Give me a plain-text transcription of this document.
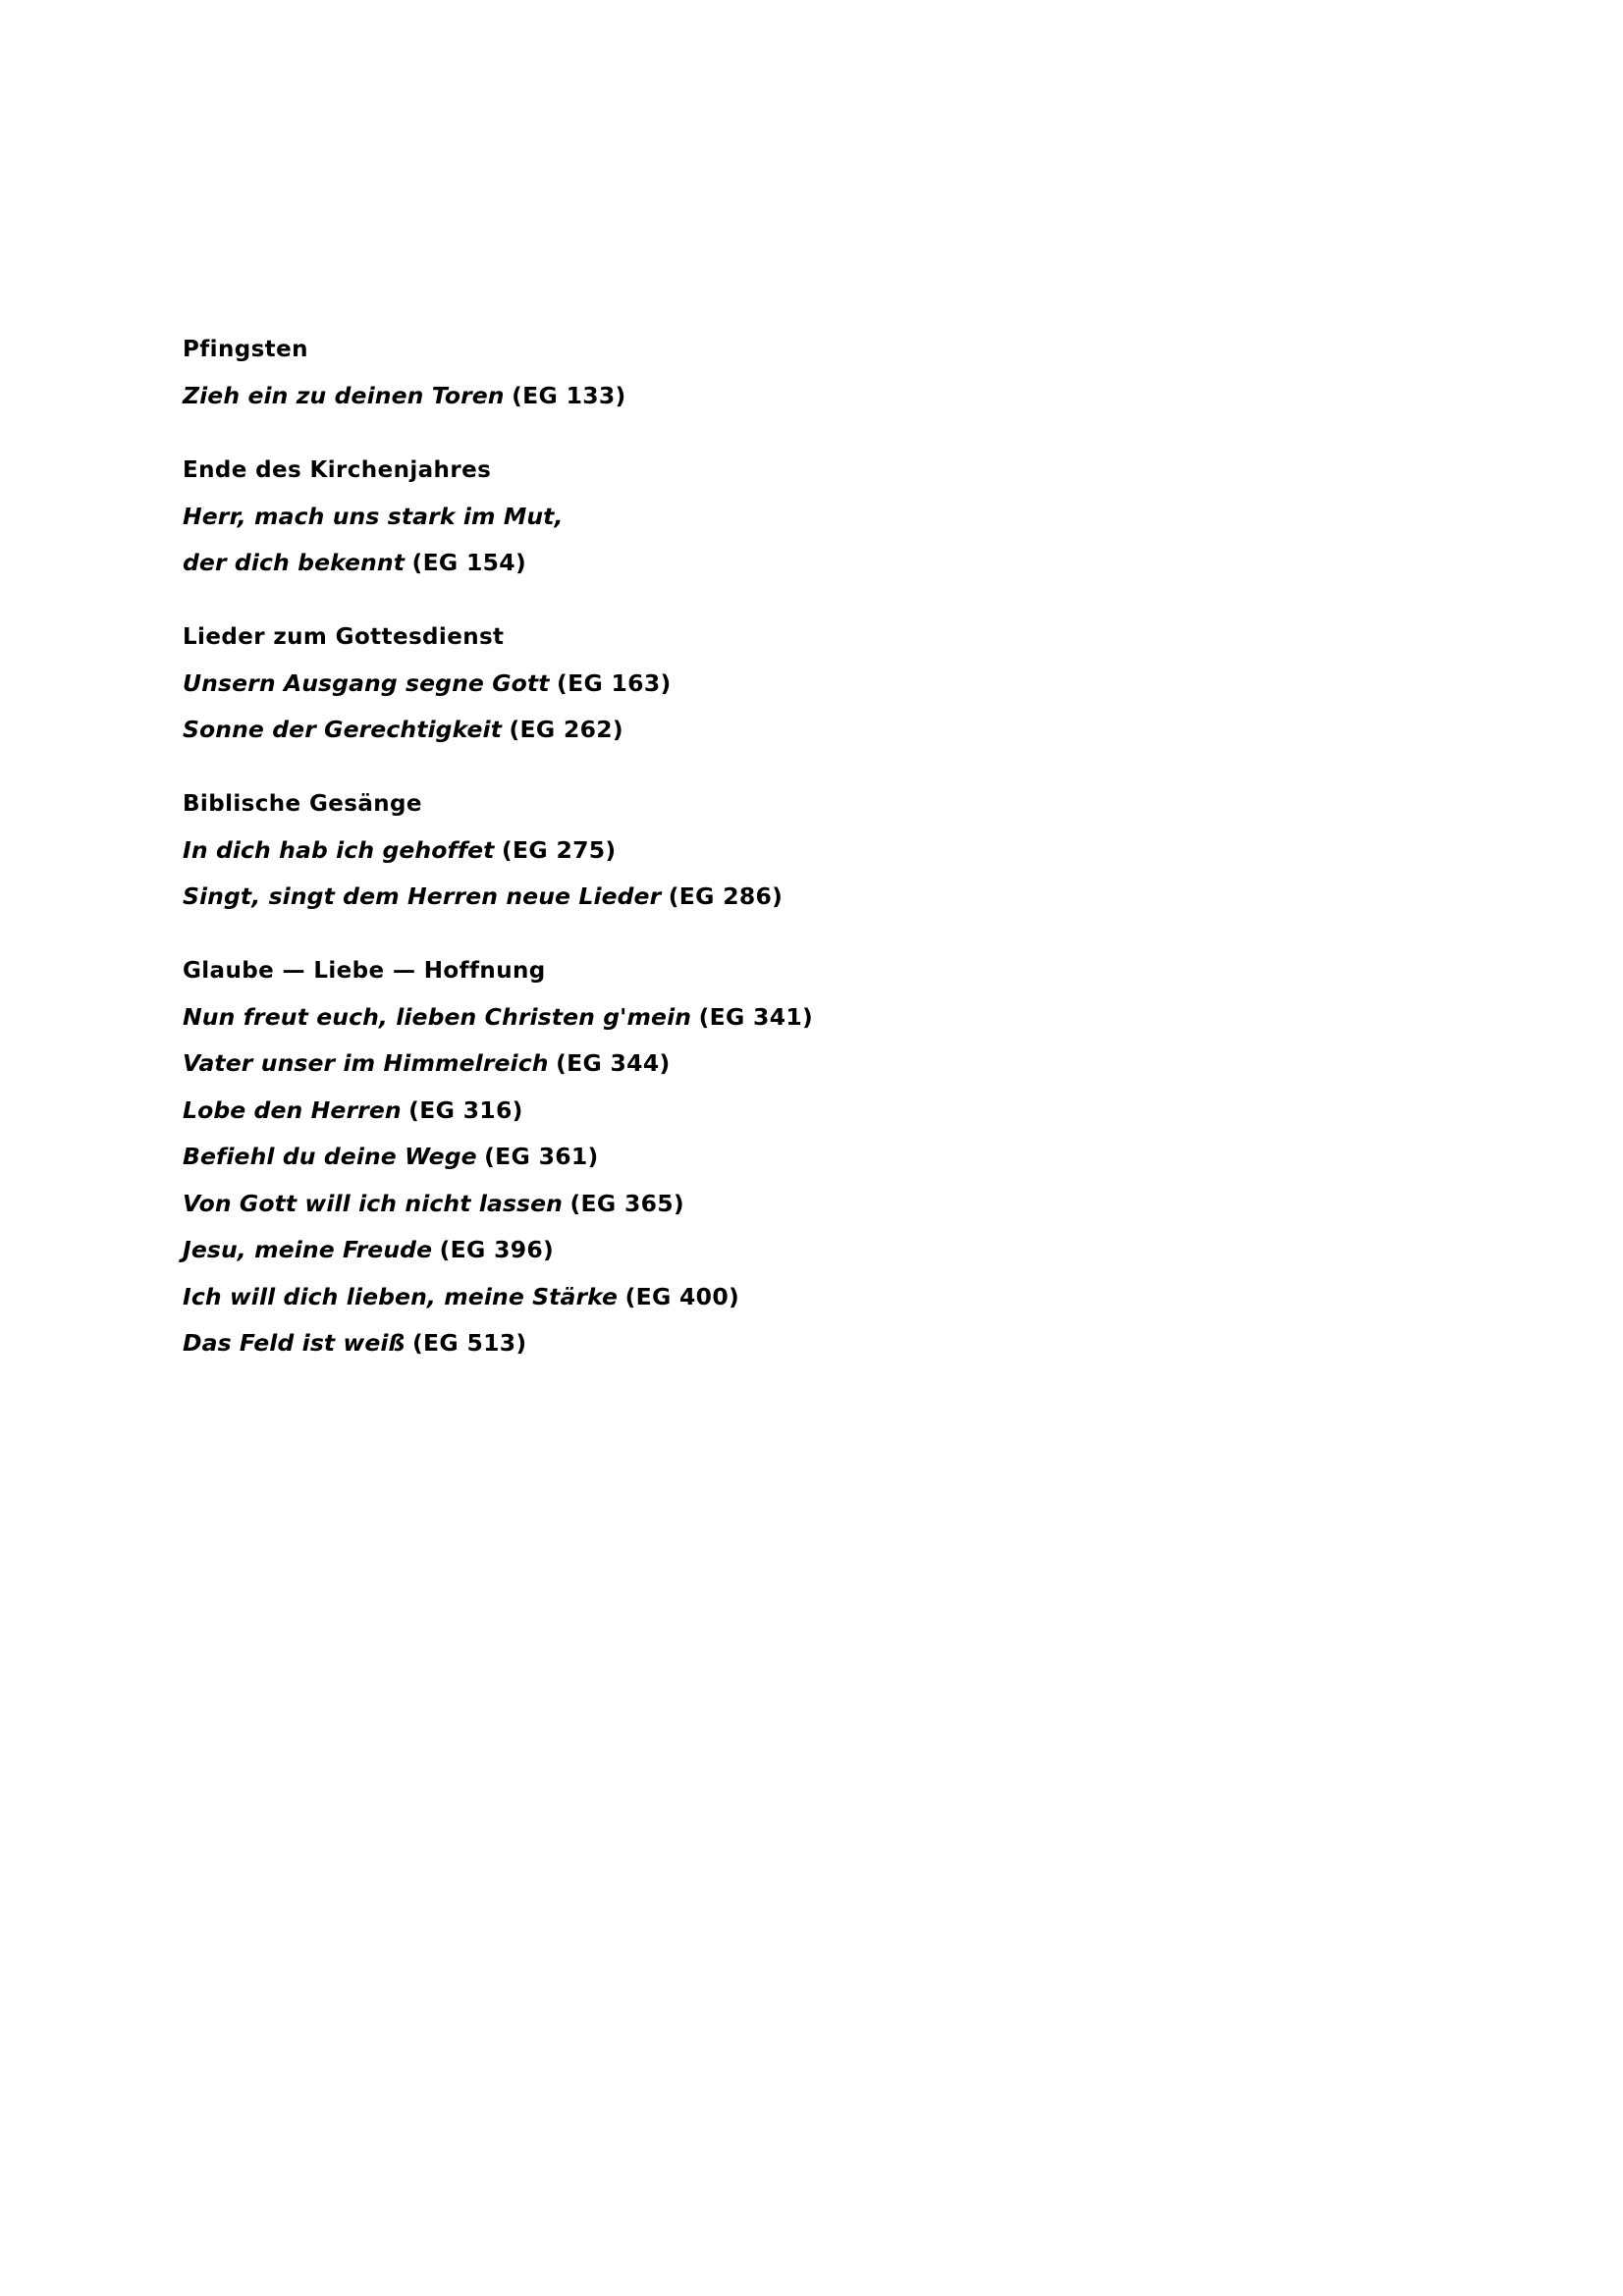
Pfingsten
Zieh ein zu deinen Toren (EG 133)
Ende des Kirchenjahres
Herr, mach uns stark im Mut,
der dich bekennt (EG 154)
Lieder zum Gottesdienst
Unsern Ausgang segne Gott (EG 163)
Sonne der Gerechtigkeit (EG 262)
Biblische Gesänge
In dich hab ich gehoffet (EG 275)
Singt, singt dem Herren neue Lieder (EG 286)
Glaube — Liebe — Hoffnung
Nun freut euch, lieben Christen g'mein (EG 341)
Vater unser im Himmelreich (EG 344)
Lobe den Herren (EG 316)
Befiehl du deine Wege (EG 361)
Von Gott will ich nicht lassen (EG 365)
Jesu, meine Freude (EG 396)
Ich will dich lieben, meine Stärke (EG 400)
Das Feld ist weiß (EG 513)
